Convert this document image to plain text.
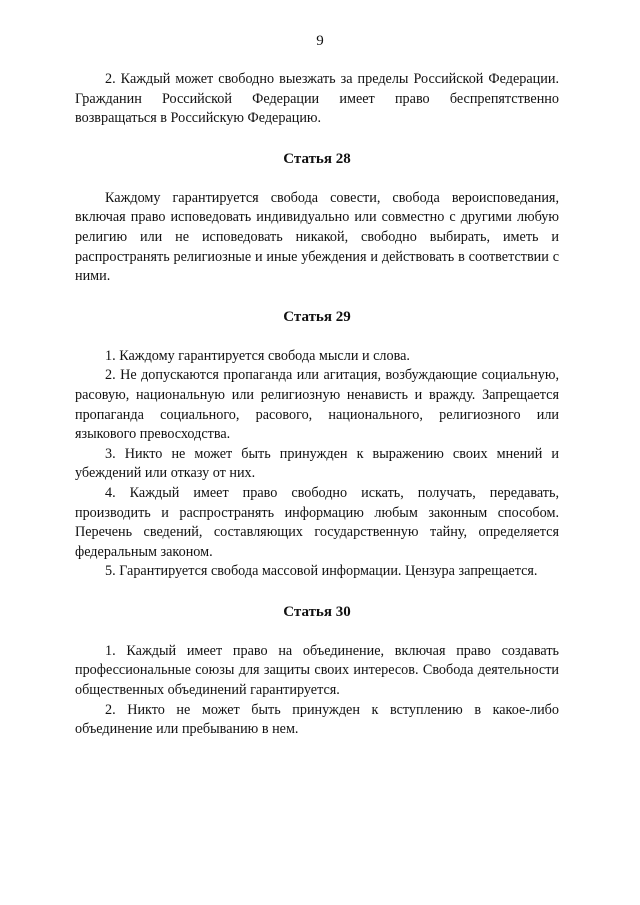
9

2. Каждый может свободно выезжать за пределы Российской Федерации. Гражданин Российской Федерации имеет право беспрепятственно возвращаться в Российскую Федерацию.

Статья 28

Каждому гарантируется свобода совести, свобода вероисповедания, включая право исповедовать индивидуально или совместно с другими любую религию или не исповедовать никакой, свободно выбирать, иметь и распространять религиозные и иные убеждения и действовать в соответствии с ними.

Статья 29

1. Каждому гарантируется свобода мысли и слова.

2. Не допускаются пропаганда или агитация, возбуждающие социальную, расовую, национальную или религиозную ненависть и вражду. Запрещается пропаганда социального, расового, национального, религиозного или языкового превосходства.

3. Никто не может быть принужден к выражению своих мнений и убеждений или отказу от них.

4. Каждый имеет право свободно искать, получать, передавать, производить и распространять информацию любым законным способом. Перечень сведений, составляющих государственную тайну, определяется федеральным законом.

5. Гарантируется свобода массовой информации. Цензура запрещается.

Статья 30

1. Каждый имеет право на объединение, включая право создавать профессиональные союзы для защиты своих интересов. Свобода деятельности общественных объединений гарантируется.

2. Никто не может быть принужден к вступлению в какое-либо объединение или пребыванию в нем.
